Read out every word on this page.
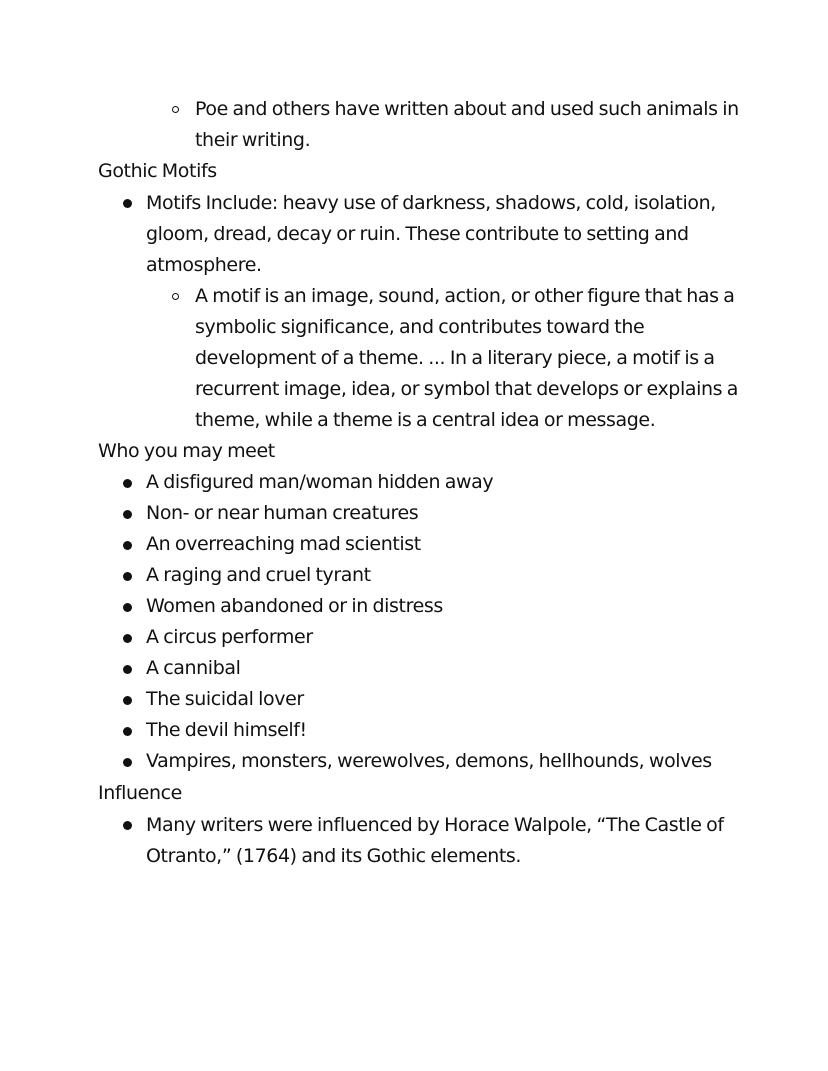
Poe and others have written about and used such animals in their writing.
Gothic Motifs
Motifs Include: heavy use of darkness, shadows, cold, isolation, gloom, dread, decay or ruin. These contribute to setting and atmosphere.
A motif is an image, sound, action, or other figure that has a symbolic significance, and contributes toward the development of a theme. ... In a literary piece, a motif is a recurrent image, idea, or symbol that develops or explains a theme, while a theme is a central idea or message.
Who you may meet
A disfigured man/woman hidden away
Non- or near human creatures
An overreaching mad scientist
A raging and cruel tyrant
Women abandoned or in distress
A circus performer
A cannibal
The suicidal lover
The devil himself!
Vampires, monsters, werewolves, demons, hellhounds, wolves
Influence
Many writers were influenced by Horace Walpole, “The Castle of Otranto,” (1764) and its Gothic elements.
